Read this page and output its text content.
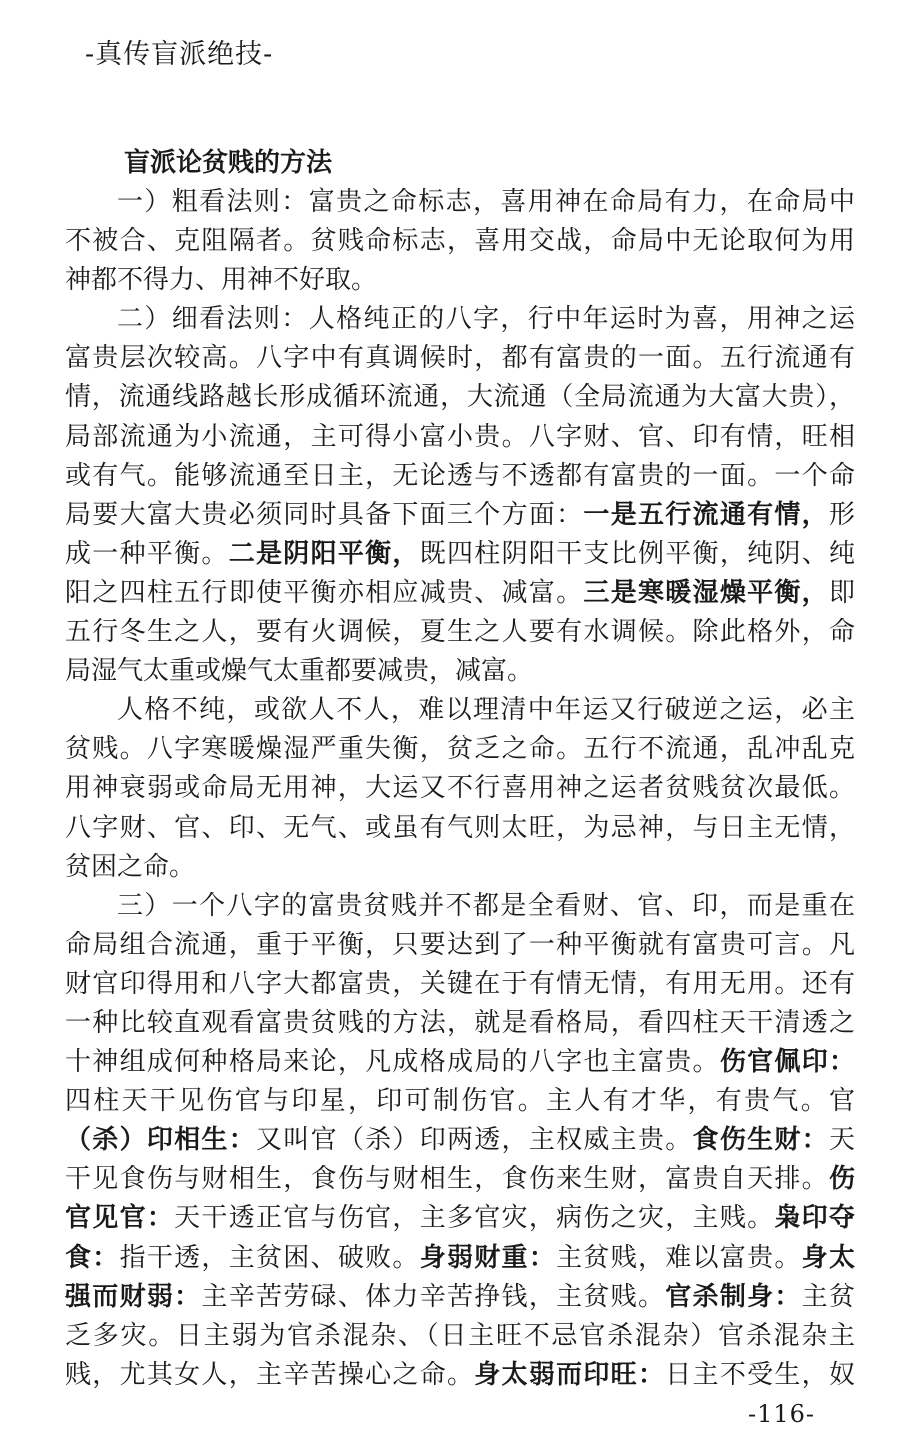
-真传盲派绝技-
盲派论贫贱的方法
一）粗看法则：富贵之命标志，喜用神在命局有力，在命局中
不被合、克阻隔者。贫贱命标志，喜用交战，命局中无论取何为用
神都不得力、用神不好取。
二）细看法则：人格纯正的八字，行中年运时为喜，用神之运
富贵层次较高。八字中有真调候时，都有富贵的一面。五行流通有
情，流通线路越长形成循环流通，大流通（全局流通为大富大贵），
局部流通为小流通，主可得小富小贵。八字财、官、印有情，旺相
或有气。能够流通至日主，无论透与不透都有富贵的一面。一个命
局要大富大贵必须同时具备下面三个方面：一是五行流通有情，形
成一种平衡。二是阴阳平衡，既四柱阴阳干支比例平衡，纯阴、纯
阳之四柱五行即使平衡亦相应减贵、减富。三是寒暖湿燥平衡，即
五行冬生之人，要有火调候，夏生之人要有水调候。除此格外，命
局湿气太重或燥气太重都要减贵，减富。
人格不纯，或欲人不人，难以理清中年运又行破逆之运，必主
贫贱。八字寒暖燥湿严重失衡，贫乏之命。五行不流通，乱冲乱克
用神衰弱或命局无用神，大运又不行喜用神之运者贫贱贫次最低。
八字财、官、印、无气、或虽有气则太旺，为忌神，与日主无情，
贫困之命。
三）一个八字的富贵贫贱并不都是全看财、官、印，而是重在
命局组合流通，重于平衡，只要达到了一种平衡就有富贵可言。凡
财官印得用和八字大都富贵，关键在于有情无情，有用无用。还有
一种比较直观看富贵贫贱的方法，就是看格局，看四柱天干清透之
十神组成何种格局来论，凡成格成局的八字也主富贵。伤官佩印：
四柱天干见伤官与印星，印可制伤官。主人有才华，有贵气。官
（杀）印相生：又叫官（杀）印两透，主权威主贵。食伤生财：天
干见食伤与财相生，食伤与财相生，食伤来生财，富贵自天排。伤
官见官：天干透正官与伤官，主多官灾，病伤之灾，主贱。枭印夺
食：指干透，主贫困、破败。身弱财重：主贫贱，难以富贵。身太
强而财弱：主辛苦劳碌、体力辛苦挣钱，主贫贱。官杀制身：主贫
乏多灾。日主弱为官杀混杂、（日主旺不忌官杀混杂）官杀混杂主
贱，尤其女人，主辛苦操心之命。身太弱而印旺：日主不受生，奴
-116-
